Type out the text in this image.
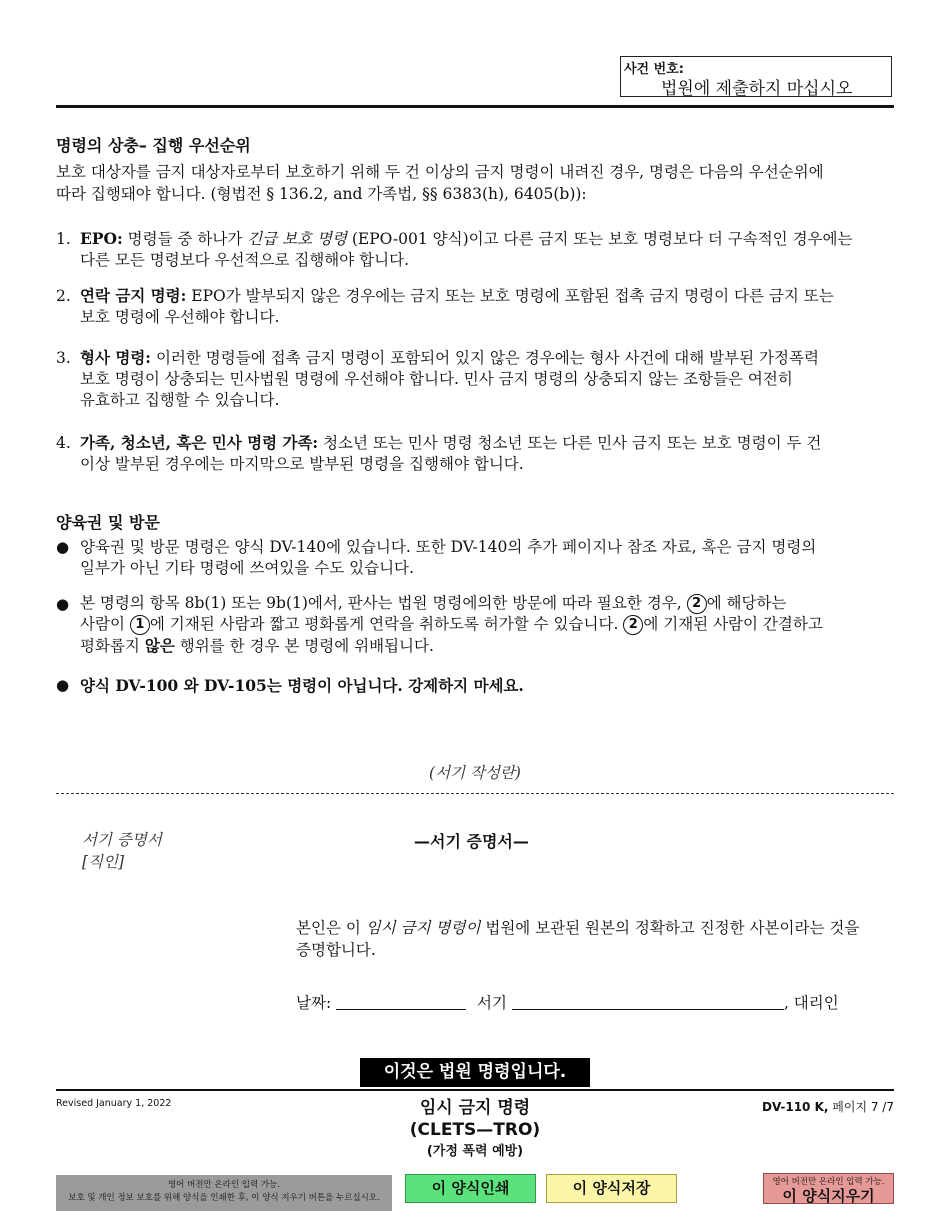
사건 번호:
법원에 제출하지 마십시오
명령의 상충– 집행 우선순위
보호 대상자를 금지 대상자로부터 보호하기 위해 두 건 이상의 금지 명령이 내려진 경우, 명령은 다음의 우선순위에
따라 집행돼야 합니다. (형법전 § 136.2, and 가족법, §§ 6383(h), 6405(b)):
1. EPO: 명령들 중 하나가 긴급 보호 명령 (EPO-001 양식)이고 다른 금지 또는 보호 명령보다 더 구속적인 경우에는
다른 모든 명령보다 우선적으로 집행해야 합니다.
2. 연락 금지 명령: EPO가 발부되지 않은 경우에는 금지 또는 보호 명령에 포함된 접촉 금지 명령이 다른 금지 또는
보호 명령에 우선해야 합니다.
3. 형사 명령: 이러한 명령들에 접촉 금지 명령이 포함되어 있지 않은 경우에는 형사 사건에 대해 발부된 가정폭력
보호 명령이 상충되는 민사법원 명령에 우선해야 합니다. 민사 금지 명령의 상충되지 않는 조항들은 여전히
유효하고 집행할 수 있습니다.
4. 가족, 청소년, 혹은 민사 명령 가족: 청소년 또는 민사 명령 청소년 또는 다른 민사 금지 또는 보호 명령이 두 건
이상 발부된 경우에는 마지막으로 발부된 명령을 집행해야 합니다.
양육권 및 방문
● 양육권 및 방문 명령은 양식 DV-140에 있습니다. 또한 DV-140의 추가 페이지나 참조 자료, 혹은 금지 명령의
일부가 아닌 기타 명령에 쓰여있을 수도 있습니다.
● 본 명령의 항목 8b(1) 또는 9b(1)에서, 판사는 법원 명령에의한 방문에 따라 필요한 경우, 2 에 해당하는
사람이 1 에 기재된 사람과 짧고 평화롭게 연락을 취하도록 허가할 수 있습니다. 2 에 기재된 사람이 간결하고
평화롭지 않은 행위를 한 경우 본 명령에 위배됩니다.
● 양식 DV-100 와 DV-105는 명령이 아닙니다. 강제하지 마세요.
(서기 작성란)
서기 증명서
[직인]
—서기 증명서—
본인은 이 임시 금지 명령이 법원에 보관된 원본의 정확하고 진정한 사본이라는 것을
증명합니다.
날짜:	서기	, 대리인
이것은 법원 명령입니다.
Revised January 1, 2022	임시 금지 명령
(CLETS—TRO)
(가정 폭력 예방)
DV-110 K, 페이지 7 /7
영어 버전만 온라인 입력 가능.
보호 및 개인 정보 보호를 위해 양식을 인쇄한 후, 이 양식 지우기 버튼을 누르십시오.
이 양식인쇄	이 양식저장	영어 버전만 온라인 입력 가능.
이 양식지우기
